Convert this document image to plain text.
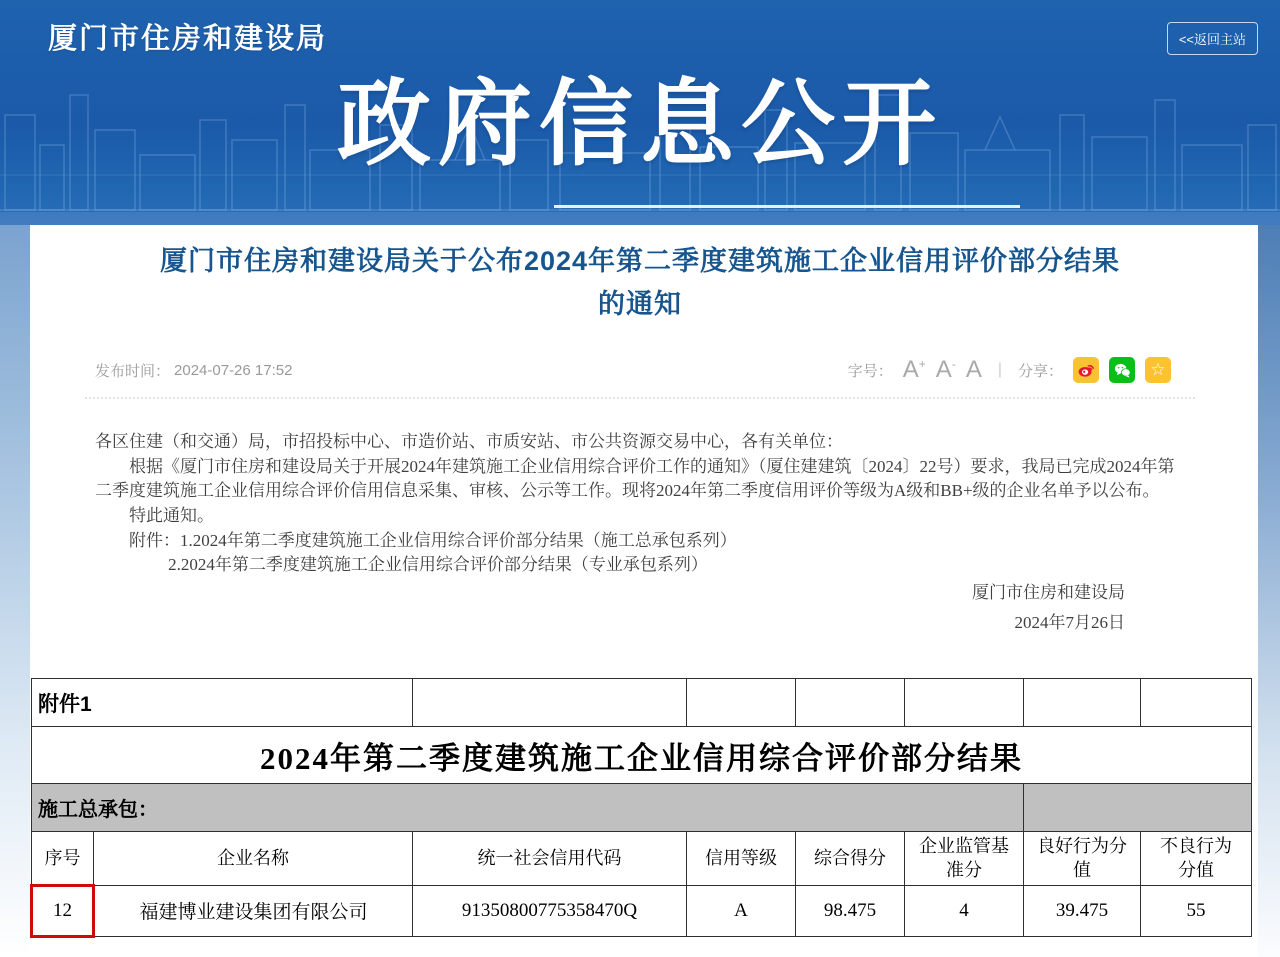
厦门市住房和建设局	<<返回主站
政府信息公开
厦门市住房和建设局关于公布2024年第二季度建筑施工企业信用评价部分结果
的通知
发布时间： 2024-07-26 17:52	字号： A+ A- A	|	分享：	☆

各区住建（和交通）局，市招投标中心、市造价站、市质安站、市公共资源交易中心，各有关单位：

根据《厦门市住房和建设局关于开展2024年建筑施工企业信用综合评价工作的通知》（厦住建建筑〔2024〕22号）要求，我局已完成2024年第二季度建筑施工企业信用综合评价信用信息采集、审核、公示等工作。现将2024年第二季度信用评价等级为A级和BB+级的企业名单予以公布。

特此通知。

附件：1.2024年第二季度建筑施工企业信用综合评价部分结果（施工总承包系列）

2.2024年第二季度建筑施工企业信用综合评价部分结果（专业承包系列）

厦门市住房和建设局
2024年7月26日
附件1							
2024年第二季度建筑施工企业信用综合评价部分结果							
施工总承包：							
序号	企业名称	统一社会信用代码	信用等级	综合得分	企业监管基准分	良好行为分值	不良行为分值
12	福建博业建设集团有限公司	91350800775358470Q	A	98.475	4	39.475	55
